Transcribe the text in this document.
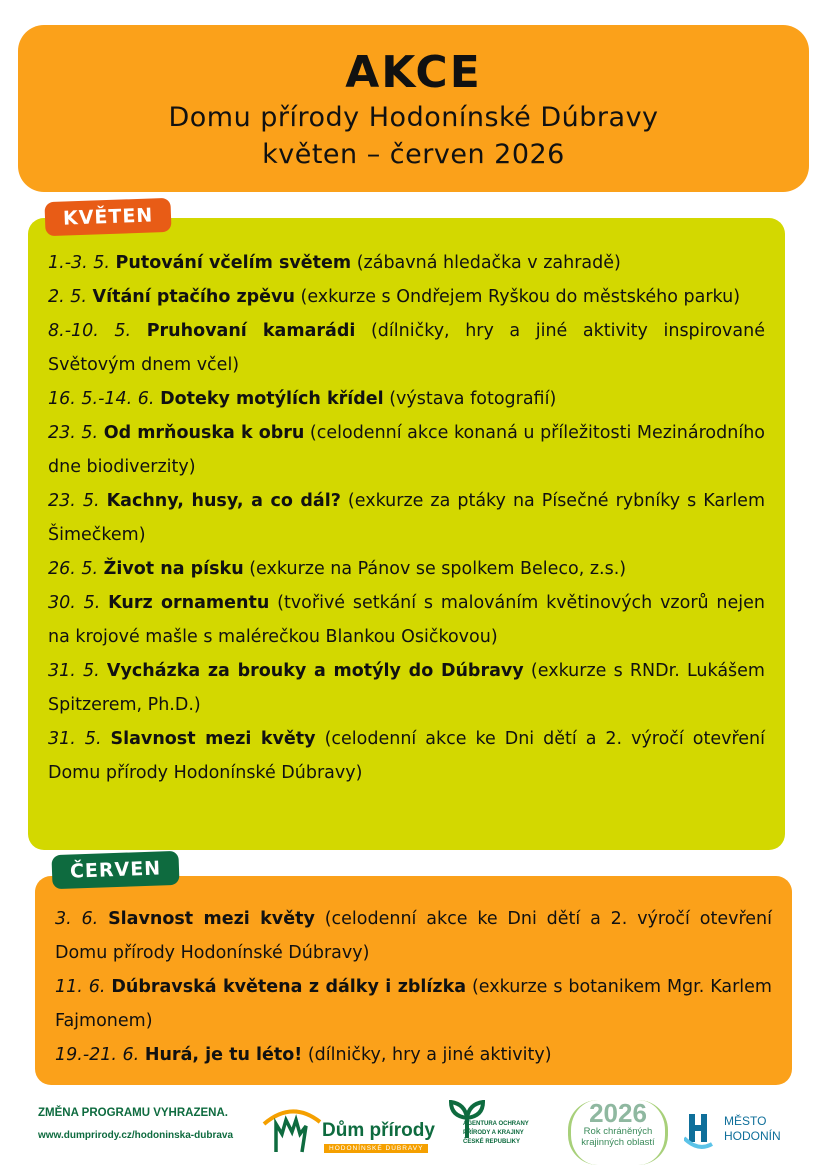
AKCE
Domu přírody Hodonínské Dúbravy
květen – červen 2026
1.-3. 5. Putování včelím světem (zábavná hledačka v zahradě)
2. 5. Vítání ptačího zpěvu (exkurze s Ondřejem Ryškou do městského parku)
8.-10. 5. Pruhovaní kamarádi (dílničky, hry a jiné aktivity inspirované Světovým dnem včel)
16. 5.-14. 6. Doteky motýlích křídel (výstava fotografií)
23. 5. Od mrňouska k obru (celodenní akce konaná u příležitosti Mezinárodního dne biodiverzity)
23. 5. Kachny, husy, a co dál? (exkurze za ptáky na Písečné rybníky s Karlem Šimečkem)
26. 5. Život na písku (exkurze na Pánov se spolkem Beleco, z.s.)
30. 5. Kurz ornamentu (tvořivé setkání s malováním květinových vzorů nejen na krojové mašle s malérečkou Blankou Osičkovou)
31. 5. Vycházka za brouky a motýly do Dúbravy (exkurze s RNDr. Lukášem Spitzerem, Ph.D.)
31. 5. Slavnost mezi květy (celodenní akce ke Dni dětí a 2. výročí otevření Domu přírody Hodonínské Dúbravy)
KVĚTEN
3. 6. Slavnost mezi květy (celodenní akce ke Dni dětí a 2. výročí otevření Domu přírody Hodonínské Dúbravy)
11. 6. Dúbravská květena z dálky i zblízka (exkurze s botanikem Mgr. Karlem Fajmonem)
19.-21. 6. Hurá, je tu léto! (dílničky, hry a jiné aktivity)
ČERVEN
ZMĚNA PROGRAMU VYHRAZENA.
www.dumprirody.cz/hodoninska-dubrava	Dům přírody
HODONÍNSKÉ DÚBRAVY
AGENTURA OCHRANY
PŘÍRODY A KRAJINY
ČESKÉ REPUBLIKY
2026
Rok chráněných
krajinných oblastí
MĚSTO
HODONÍN
